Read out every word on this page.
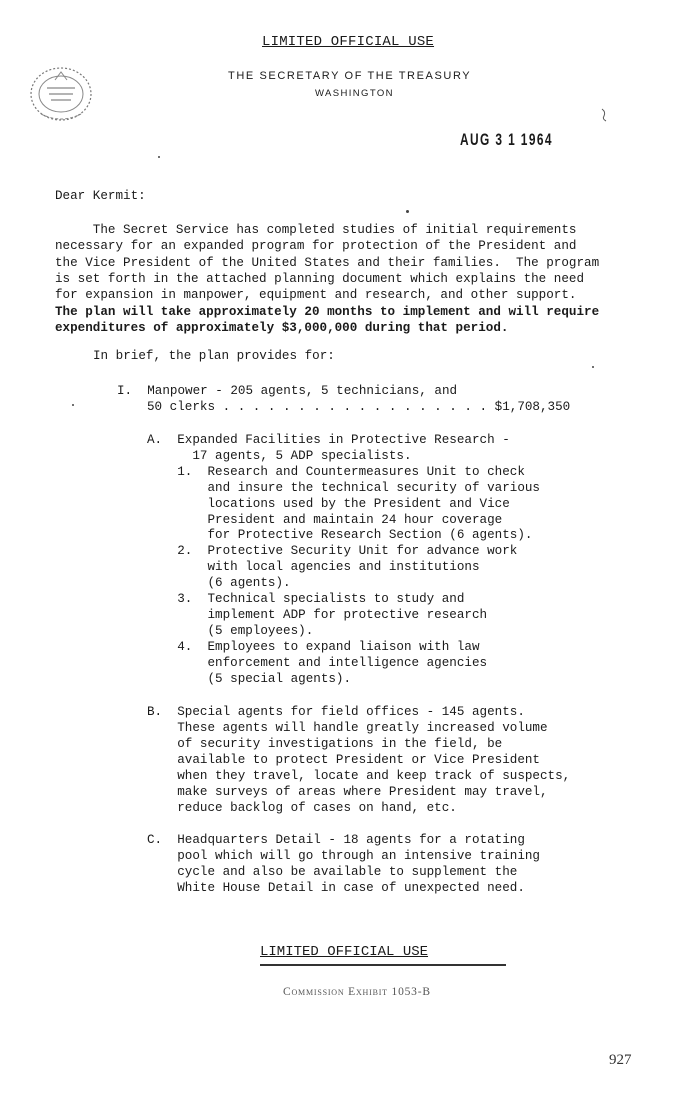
LIMITED OFFICIAL USE
THE SECRETARY OF THE TREASURY
WASHINGTON
AUG 3 1 1964
Dear Kermit:
The Secret Service has completed studies of initial requirements
necessary for an expanded program for protection of the President and
the Vice President of the United States and their families.  The program
is set forth in the attached planning document which explains the need
for expansion in manpower, equipment and research, and other support.
The plan will take approximately 20 months to implement and will require
expenditures of approximately $3,000,000 during that period.
In brief, the plan provides for:
I.  Manpower - 205 agents, 5 technicians, and
50 clerks . . . . . . . . . . . . . . . . . . $1,708,350
A.  Expanded Facilities in Protective Research -
17 agents, 5 ADP specialists.
1.  Research and Countermeasures Unit to check
and insure the technical security of various
locations used by the President and Vice
President and maintain 24 hour coverage
for Protective Research Section (6 agents).
2.  Protective Security Unit for advance work
with local agencies and institutions
(6 agents).
3.  Technical specialists to study and
implement ADP for protective research
(5 employees).
4.  Employees to expand liaison with law
enforcement and intelligence agencies
(5 special agents).
B.  Special agents for field offices - 145 agents.
These agents will handle greatly increased volume
of security investigations in the field, be
available to protect President or Vice President
when they travel, locate and keep track of suspects,
make surveys of areas where President may travel,
reduce backlog of cases on hand, etc.
C.  Headquarters Detail - 18 agents for a rotating
pool which will go through an intensive training
cycle and also be available to supplement the
White House Detail in case of unexpected need.
LIMITED OFFICIAL USE
Commission Exhibit 1053-B
927
